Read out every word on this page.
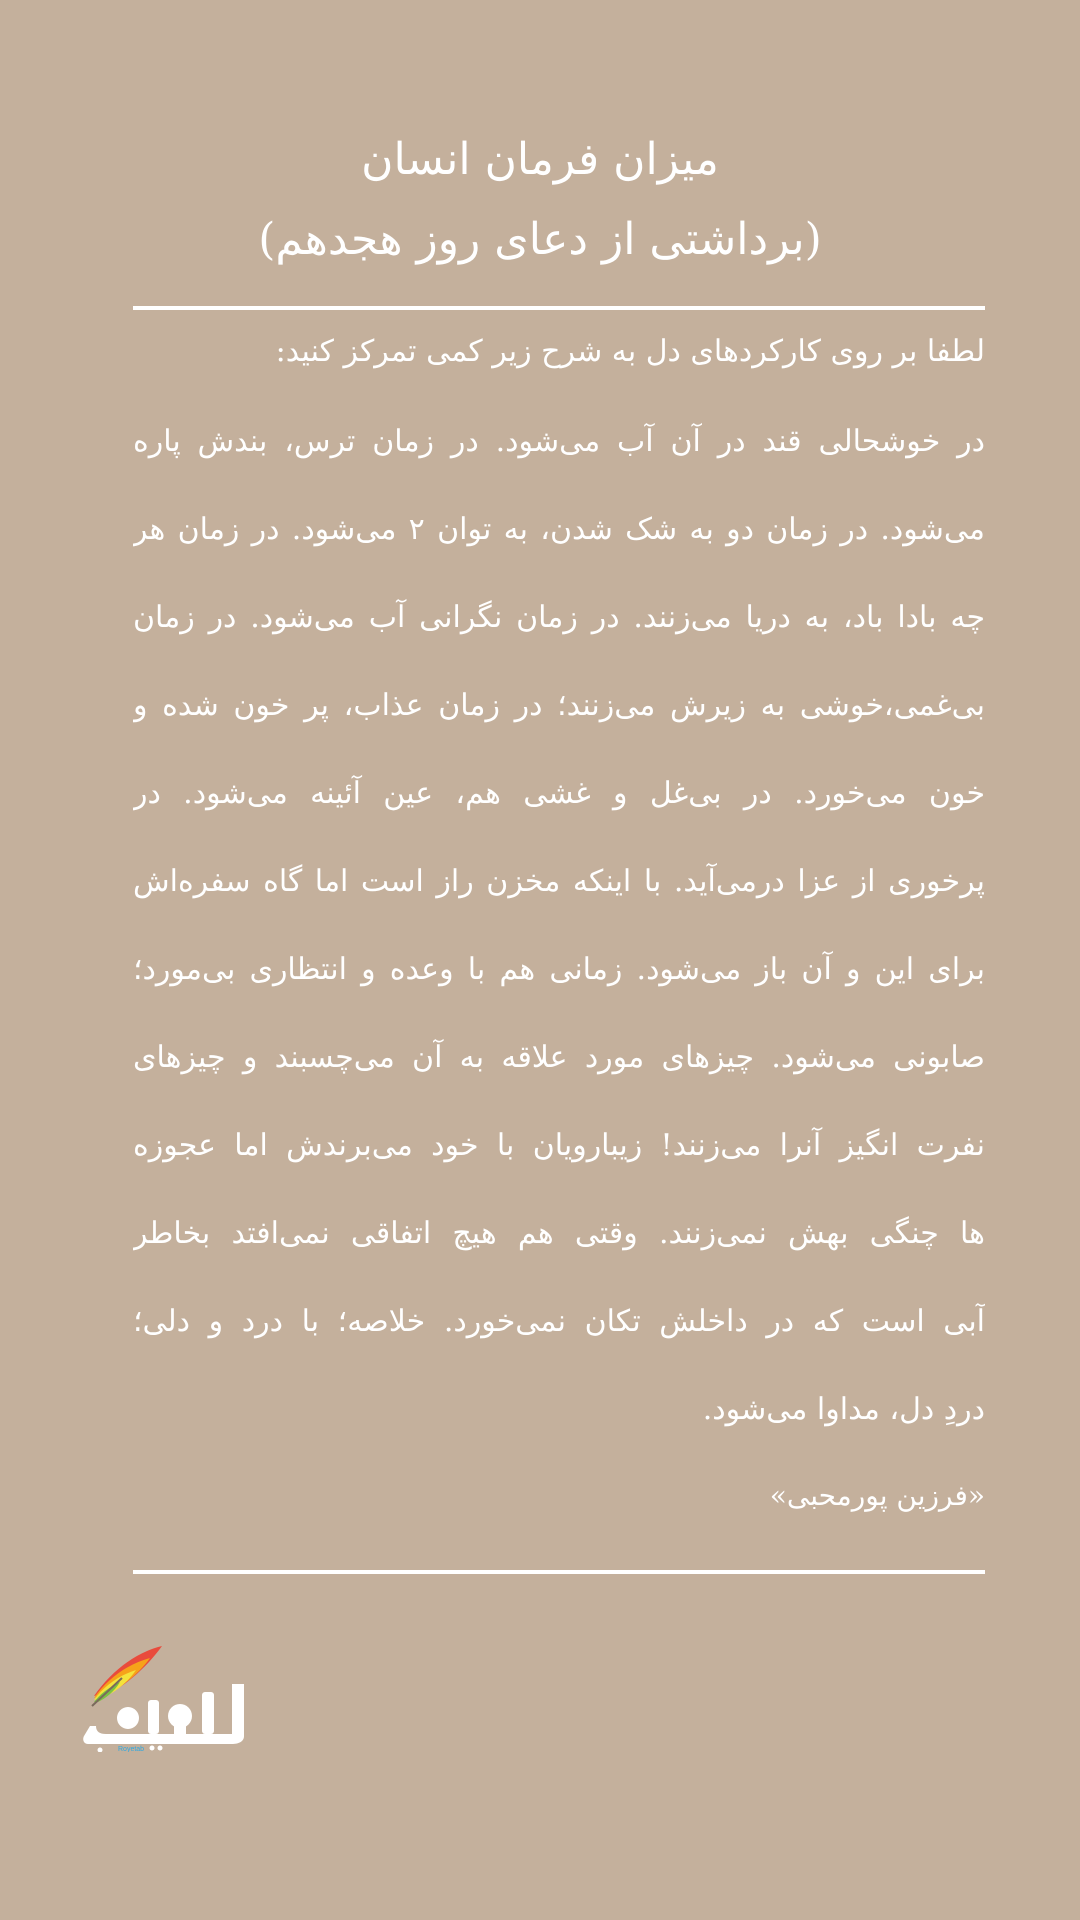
میزان فرمان انسان
(برداشتی از دعای روز هجدهم)
لطفا بر روی کارکردهای دل به شرح زیر کمی تمرکز کنید:
در خوشحالی قند در آن آب می‌شود. در زمان ترس، بندش پاره
می‌شود. در زمان دو به شک شدن، به توان ۲ می‌شود. در زمان هر
چه بادا باد، به دریا می‌زنند. در زمان نگرانی آب می‌شود. در زمان
بی‌غمی،خوشی به زیرش می‌زنند؛ در زمان عذاب، پر خون شده و
خون می‌خورد. در بی‌غل و غشی هم، عین آئینه می‌شود. در
پرخوری از عزا درمی‌آید. با اینکه مخزن راز است اما گاه سفره‌اش
برای این و آن باز می‌شود. زمانی هم با وعده و انتظاری بی‌مورد؛
صابونی می‌شود. چیزهای مورد علاقه به آن می‌چسبند و چیزهای
نفرت انگیز آنرا می‌زنند! زیبارویان با خود می‌برندش اما عجوزه
ها چنگی بهش نمی‌زنند. وقتی هم هیچ اتفاقی نمی‌افتد بخاطر
آبی است که در داخلش تکان نمی‌خورد. خلاصه؛ با درد و دلی؛
دردِ دل، مداوا می‌شود.
«فرزین پورمحبی»
Royetab
